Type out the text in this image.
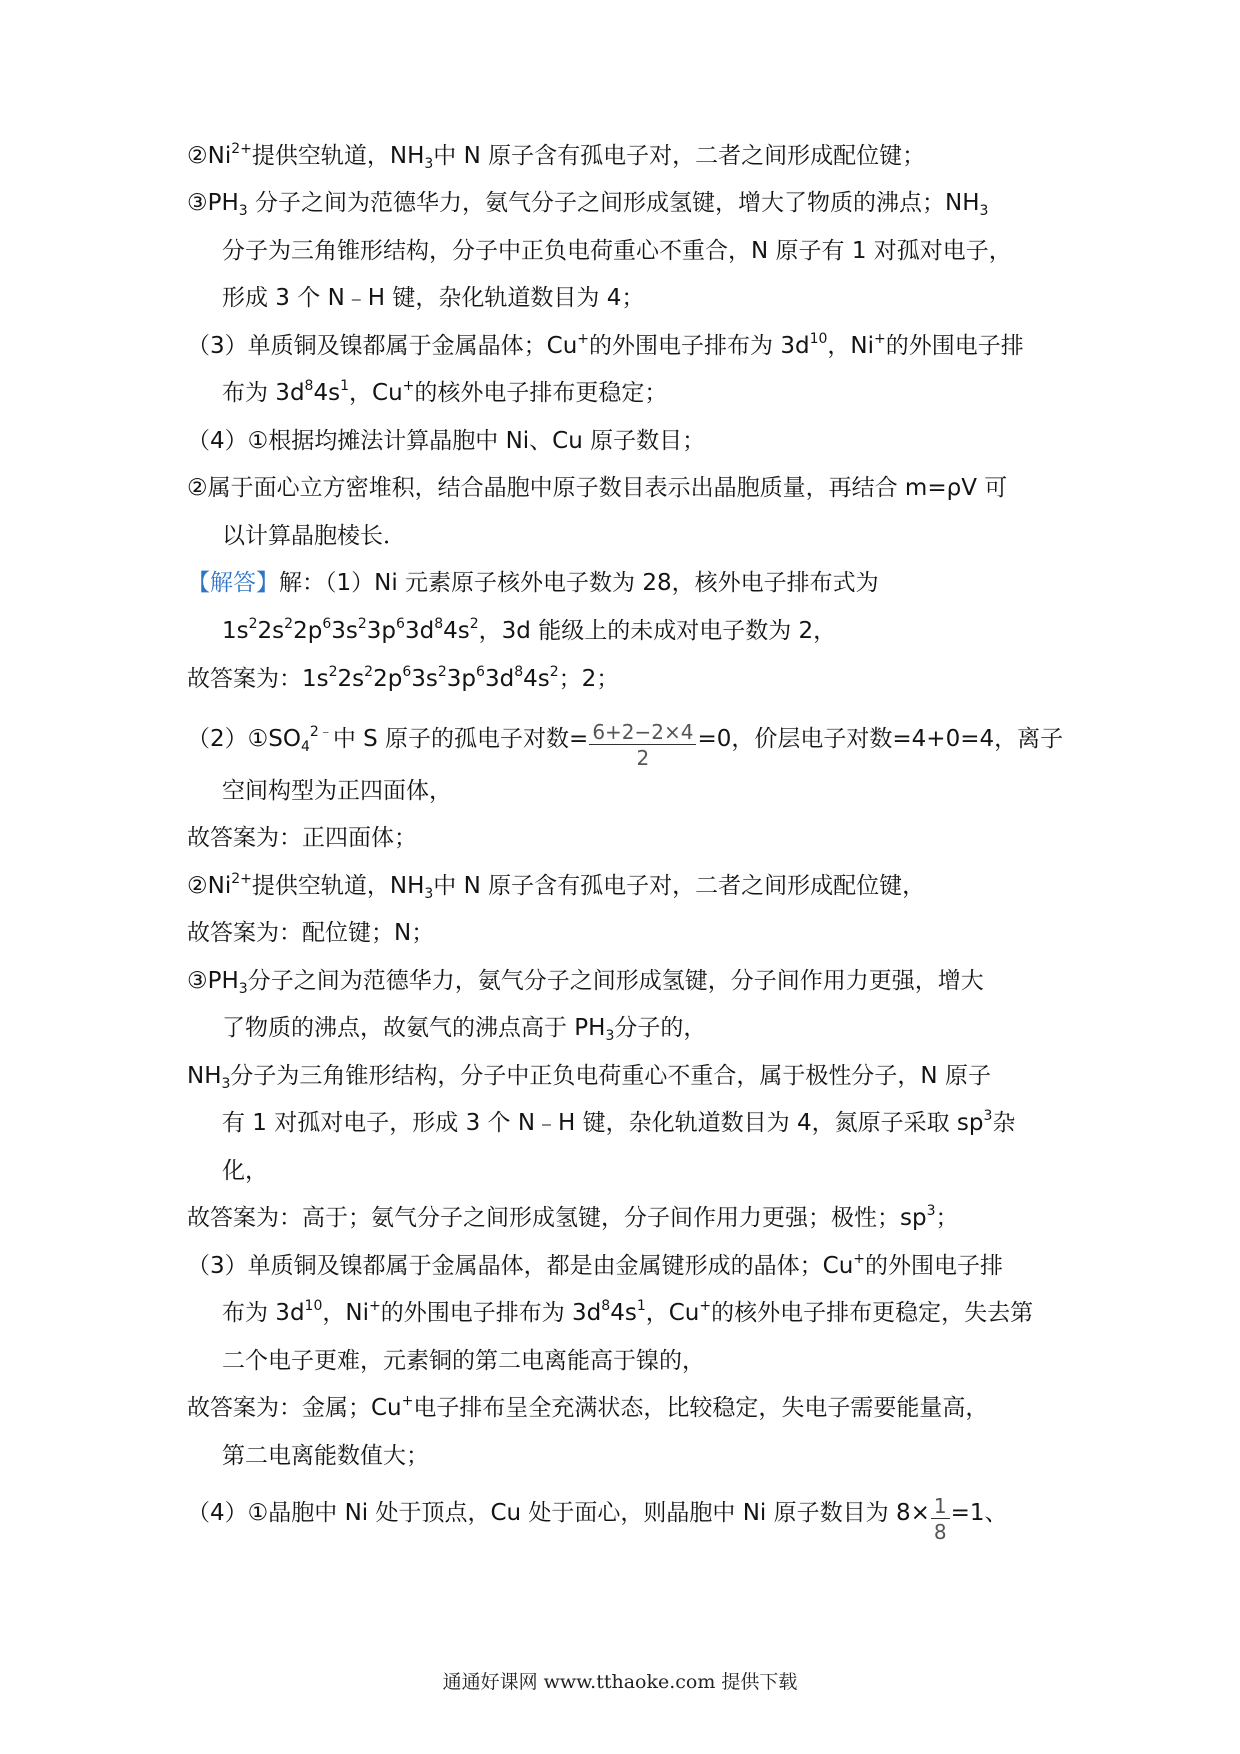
$②Ni^{2+}$提供空轨道，$NH_3$中 N 原子含有孤电子对，二者之间形成配位键；
$③PH_3$ 分子之间为范德华力，氨气分子之间形成氢键，增大了物质的沸点；$NH_3$
分子为三角锥形结构，分子中正负电荷重心不重合，N 原子有 1 对孤对电子，
形成 3 个 N﹣H 键，杂化轨道数目为 4；
（3）单质铜及镍都属于金属晶体；Cu+的外围电子排布为 $3d^{10}$，Ni+的外围电子排
布为 $3d^84s^1$，Cu+的核外电子排布更稳定；
（4）①根据均摊法计算晶胞中 Ni、Cu 原子数目；
②属于面心立方密堆积，结合晶胞中原子数目表示出晶胞质量，再结合 m=ρV 可
以计算晶胞棱长．
【解答】解：（1）Ni 元素原子核外电子数为 28，核外电子排布式为
$1s^22s^22p^63s^23p^63d^84s^2$，3d 能级上的未成对电子数为 2，
故答案为：$1s^22s^22p^63s^23p^63d^84s^2$；2；
$(2)①SO_4^{2﹣}$中 S 原子的孤电子对数= $\frac{6+2-2\times 4}{2} =0$，价层电子对数=4+0=4，离子
空间构型为正四面体，
故答案为：正四面体；
$②Ni^{2+}$提供空轨道，$NH_3$中 N 原子含有孤电子对，二者之间形成配位键，
故答案为：配位键；N；
$③PH_3$分子之间为范德华力，氨气分子之间形成氢键，分子间作用力更强，增大
了物质的沸点，故氨气的沸点高于 $PH_3$分子的，
$NH_3$分子为三角锥形结构，分子中正负电荷重心不重合，属于极性分子，N 原子
有 1 对孤对电子，形成 3 个 N﹣H 键，杂化轨道数目为 4，氮原子采取 $sp^3$杂
化，
故答案为：高于；氨气分子之间形成氢键，分子间作用力更强；极性；$sp^3$；
（3）单质铜及镍都属于金属晶体，都是由金属键形成的晶体；Cu+的外围电子排
布为 $3d^{10}$，Ni+的外围电子排布为 $3d^84s^1$，Cu+的核外电子排布更稳定，失去第
二个电子更难，元素铜的第二电离能高于镍的，
故答案为：金属；Cu+电子排布呈全充满状态，比较稳定，失电子需要能量高，
第二电离能数值大；
（4）①晶胞中 Ni 处于顶点，Cu 处于面心，则晶胞中 Ni 原子数目为 $8\times \frac{1}{8} =1$、
通通好课网 www.tthaoke.com 提供下载
